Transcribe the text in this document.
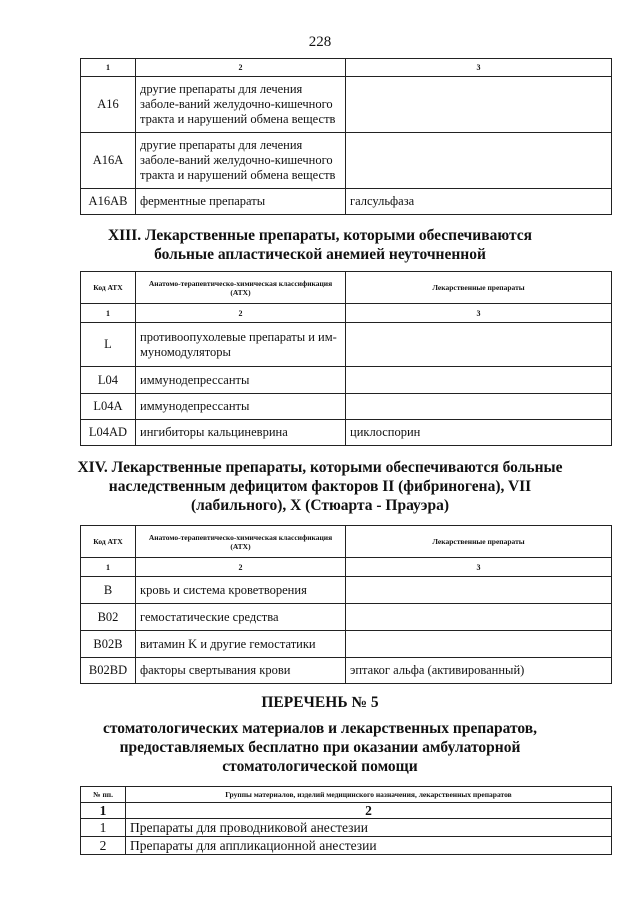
228
1	2	3
A16	другие препараты для лечения заболе-ваний желудочно-кишечного тракта и нарушений обмена веществ	
A16A	другие препараты для лечения заболе-ваний желудочно-кишечного тракта и нарушений обмена веществ	
A16AB	ферментные препараты	галсульфаза
XIII. Лекарственные препараты, которыми обеспечиваются больные апластической анемией неуточненной
Код АТХ	Анатомо-терапевтическо-химическая классификация (АТХ)	Лекарственные препараты
1	2	3
L	противоопухолевые препараты и им-муномодуляторы	
L04	иммунодепрессанты	
L04A	иммунодепрессанты	
L04AD	ингибиторы кальциневрина	циклоспорин
XIV. Лекарственные препараты, которыми обеспечиваются больные наследственным дефицитом факторов II (фибриногена), VII (лабильного), X (Стюарта - Прауэра)
Код АТХ	Анатомо-терапевтическо-химическая классификация (АТХ)	Лекарственные препараты
1	2	3
B	кровь и система кроветворения	
B02	гемостатические средства	
B02B	витамин K и другие гемостатики	
B02BD	факторы свертывания крови	эптаког альфа (активированный)
ПЕРЕЧЕНЬ № 5
стоматологических материалов и лекарственных препаратов, предоставляемых бесплатно при оказании амбулаторной стоматологической помощи
№ пп.	Группы материалов, изделий медицинского назначения, лекарственных препаратов
1	2
1	Препараты для проводниковой анестезии
2	Препараты для аппликационной анестезии
